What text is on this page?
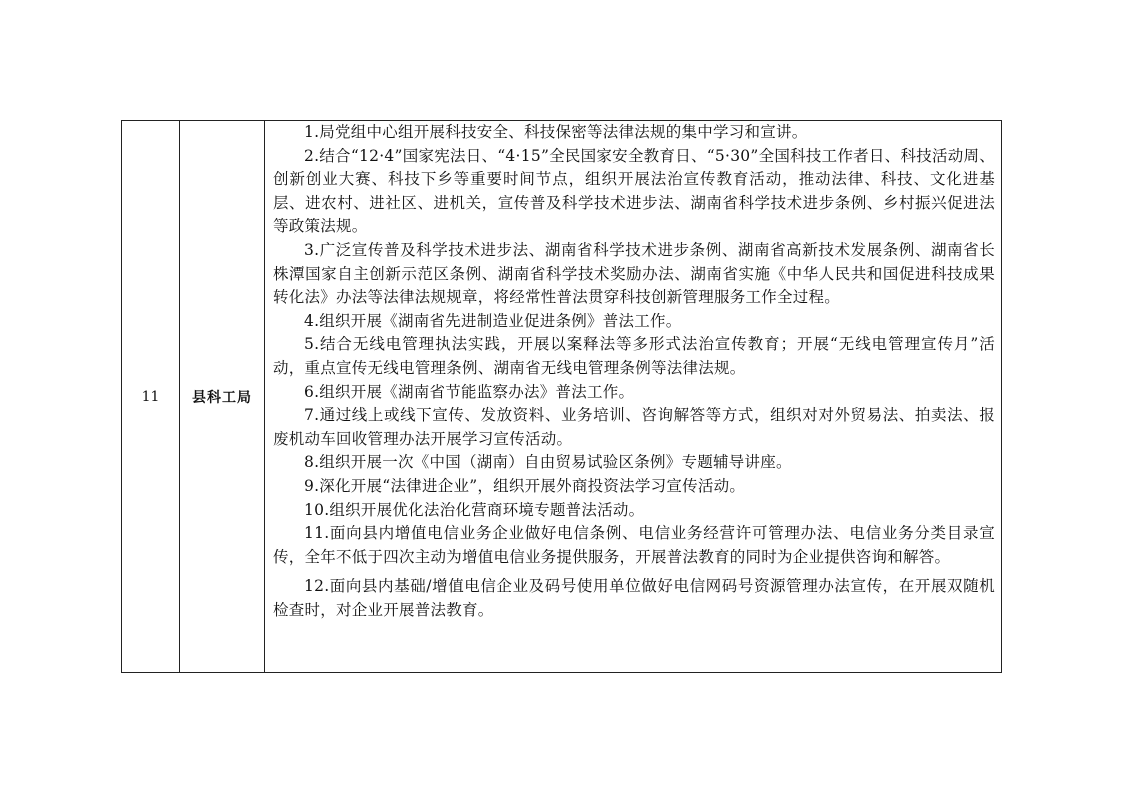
11	县科工局	

1.局党组中心组开展科技安全、科技保密等法律法规的集中学习和宣讲。

2.结合“12·4”国家宪法日、“4·15”全民国家安全教育日、“5·30”全国科技工作者日、科技活动周、创新创业大赛、科技下乡等重要时间节点，组织开展法治宣传教育活动，推动法律、科技、文化进基层、进农村、进社区、进机关，宣传普及科学技术进步法、湖南省科学技术进步条例、乡村振兴促进法等政策法规。

3.广泛宣传普及科学技术进步法、湖南省科学技术进步条例、湖南省高新技术发展条例、湖南省长株潭国家自主创新示范区条例、湖南省科学技术奖励办法、湖南省实施《中华人民共和国促进科技成果转化法》办法等法律法规规章，将经常性普法贯穿科技创新管理服务工作全过程。

4.组织开展《湖南省先进制造业促进条例》普法工作。

5.结合无线电管理执法实践，开展以案释法等多形式法治宣传教育；开展“无线电管理宣传月”活动，重点宣传无线电管理条例、湖南省无线电管理条例等法律法规。

6.组织开展《湖南省节能监察办法》普法工作。

7.通过线上或线下宣传、发放资料、业务培训、咨询解答等方式，组织对对外贸易法、拍卖法、报废机动车回收管理办法开展学习宣传活动。

8.组织开展一次《中国（湖南）自由贸易试验区条例》专题辅导讲座。

9.深化开展“法律进企业”，组织开展外商投资法学习宣传活动。

10.组织开展优化法治化营商环境专题普法活动。

11.面向县内增值电信业务企业做好电信条例、电信业务经营许可管理办法、电信业务分类目录宣传，全年不低于四次主动为增值电信业务提供服务，开展普法教育的同时为企业提供咨询和解答。

12.面向县内基础/增值电信企业及码号使用单位做好电信网码号资源管理办法宣传，在开展双随机检查时，对企业开展普法教育。
